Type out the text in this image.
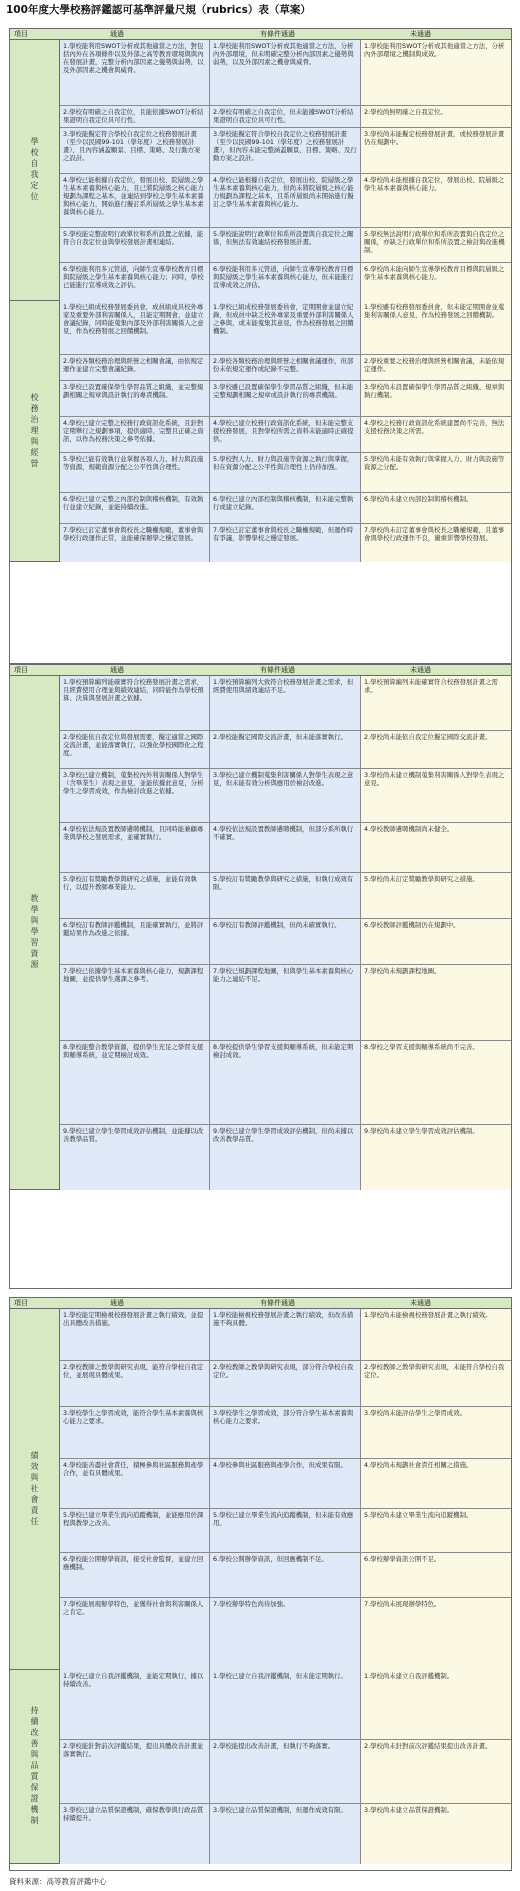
100年度大學校務評鑑認可基準評量尺規（rubrics）表（草案）
項目	通過	有條件通過	未通過
學校自我定位
1.學校能利用SWOT分析或其他適當之方法，對包括內外在各項條件以及外部之高等教育環境與與內在發展計畫，完整分析內部因素之優勢與弱勢，以及外部因素之機會與威脅。
1.學校能利用SWOT分析或其他適當之方法，分析內外部環境，但未明確完整分析內部因素之優勢與弱勢，以及外部因素之機會與威脅。
1.學校能利用SWOT分析或其他適當之方法，分析內外部環境之機制與成效。
2.學校有明確之自我定位，且能依據SWOT分析結果證明自我定位具可行性。
2.學校有明確之自我定位，但未能據SWOT分析結果證明自我定位具可行性。
2.學校尚無明確之自我定位。
3.學校能擬定符合學校自我定位之校務發展計畫（至少以民國99-101（學年度）之校務發展計畫），且內容涵蓋願景、目標、策略、及行動方案之設計。
3.學校能擬定符合學校自我定位之校務發展計畫（至少以民國99-101（學年度）之校務發展計畫），但內容未能完整涵蓋願景、目標、策略、及行動方案之設計。
3.學校尚未能擬定校務發展計畫，或校務發展計畫仍在規劃中。
4.學校已能根據自我定位，發展出校、院層級之學生基本素養與核心能力，且已將院層級之核心能力規劃為課程之基本，並連結到學校之學生基本素養與核心能力，開始進行擬訂系所層級之學生基本素養與核心能力。
4.學校已能根據自我定位，發展出校、院層級之學生基本素養與核心能力，但尚未將院層級之核心能力規劃為課程之基本，且系所層級尚未開始進行擬訂之學生基本素養與核心能力。
4.學校尚未能根據自我定位，發展出校、院層級之學生基本素養與核心能力。
5.學校能完整說明行政單位和系所設置之依據，能符合自我定位並與學校發展計畫相連結。
5.學校能說明行政單位和系所設置與自我定位之關係，但無法有效連結校務發展計畫。
5.學校無法說明行政單位和系所設置與自我定位之關係，亦缺乏行政單位和系所設置之檢討與改進機制。
6.學校能利用多元管道，向師生宣導學校教育目標與院層級之學生基本素養與核心能力；同時，學校已能進行宣導成效之評估。
6.學校能利用多元管道，向師生宣導學校教育目標與院層級之學生基本素養與核心能力，但未能進行宣導成效之評估。
6.學校尚未能向師生宣導學校教育目標與院層級之學生基本素養與核心能力。
校務治理與經營
1.學校已組成校務發展委員會，成員組成具校外專家及重要外部利害關係人，且能定期開會，並建立會議紀錄，同時能蒐集內部及外部利害關係人之意見，作為校務發展之回饋機制。
1.學校已組成校務發展委員會，定期開會並建立紀錄，但成員中缺乏校外專家及重要外部利害關係人之參與，或未能蒐集其意見，作為校務發展之回饋機制。
1.學校雖有校務發展委員會，但未能定期開會並蒐集利害關係人意見，作為校務發展之回饋機制。
2.學校各類校務治理與經營之相關會議，由依規定運作並建立完整會議紀錄。
2.學校各類校務治理與經營之相關會議運作，但部份未依規定運作或紀錄不完整。
2.學校重要之校務治理與經營相關會議，未能依規定運作。
3.學校已設置確保學生學習品質之組織，並完整規劃相關之規章與設計執行的專責機制。
3.學校雖已設置確保學生學習品質之組織，但未能完整規劃相關之規章或設計執行的專責機制。
3.學校尚未設置確保學生學習品質之組織、規章與執行機制。
4.學校已建立完整之校務行政資訊化系統，且針對定期舉行之規劃事項，提供適時、完整且正確之資訊，以作為校務決策之參考依據。
4.學校已建立校務行政資訊化系統，但未能完整支援校務發展，且對學校所需之資料未能適時正確提供。
4.學校之校務行政資訊化系統建置尚不完善，無法支援校務決策之所需。
5.學校已能有效執行並掌握各項人力、財力與設施等資源，規範資源分配之公平性與合理性。
5.學校對人力、財力與設施等資源之執行與掌握，但在資源分配之公平性與合理性上仍待加強。
5.學校尚未能有效執行與掌握人力、財力與設施等資源之分配。
6.學校已建立完整之內部控制與稽核機制，有效執行並建立紀錄，並能持續改進。
6.學校已建立內部控制與稽核機制，但未能完整執行或建立紀錄。
6.學校尚未建立內部控制與稽核機制。
7.學校已訂定董事會與校長之職權規範，董事會與學校行政運作正常，並能確保辦學之穩定發展。
7.學校已訂定董事會與校長之職權規範，但運作時有爭議，影響學校之穩定發展。
7.學校尚未訂定董事會與校長之職權規範，且董事會與學校行政運作不良，嚴重影響學校發展。
項目	通過	有條件通過	未通過
教學與學習資源
1.學校預算編列能確實符合校務發展計畫之需求，且經費使用合理並與績效連結，同時能作為學校預算、決算與發展計畫之依據。
1.學校預算編列大致符合校務發展計畫之需求，但經費使用與績效連結不足。
1.學校預算編列未能確實符合校務發展計畫之需求。
2.學校能依自我定位與發展需要，擬定適當之國際交流計畫，並能落實執行，以強化學校國際化之程度。
2.學校能擬定國際交流計畫，但未能落實執行。	2.學校尚未能依自我定位擬定國際交流計畫。
3.學校已建立機制，蒐集校內外利害關係人對學生（含畢業生）表現之意見，並能依據此意見，分析學生之學習成效，作為檢討改進之依據。
3.學校已建立機制蒐集利害關係人對學生表現之意見，但未能有效分析與應用於檢討改進。
3.學校尚未建立機制蒐集利害關係人對學生表現之意見。
4.學校依法規設置教師遴聘機制，且同時能兼顧專業與學校之發展需求，並確實執行。
4.學校依法規設置教師遴聘機制，但部分系所執行不確實。
4.學校教師遴聘機制尚未健全。
5.學校訂有獎勵教學與研究之措施，並能有效執行，以提升教師專業能力。
5.學校訂有獎勵教學與研究之措施，但執行成效有限。
5.學校尚未訂定獎勵教學與研究之措施。
6.學校訂有教師評鑑機制，且能確實執行，並將評鑑結果作為改進之依據。
6.學校訂有教師評鑑機制，但尚未確實執行。	6.學校教師評鑑機制仍在規劃中。
7.學校已依據學生基本素養與核心能力，規劃課程地圖，並提供學生選課之參考。
7.學校已規劃課程地圖，但與學生基本素養與核心能力之連結不足。
7.學校尚未規劃課程地圖。
8.學校能整合教學資源，提供學生充足之學習支援與輔導系統，並定期檢討成效。
8.學校提供學生學習支援與輔導系統，但未能定期檢討成效。
8.學校之學習支援與輔導系統尚不完善。
9.學校已建立學生學習成效評估機制，並能據以改善教學品質。
9.學校已建立學生學習成效評估機制，但尚未據以改善教學品質。
9.學校尚未建立學生學習成效評估機制。
項目	通過	有條件通過	未通過
績效與社會責任
1.學校能定期檢視校務發展計畫之執行績效，並提出具體改善措施。
1.學校能檢視校務發展計畫之執行績效，但改善措施不夠具體。
1.學校尚未能檢視校務發展計畫之執行績效。
2.學校教師之教學與研究表現，能符合學校自我定位，並展現具體成果。
2.學校教師之教學與研究表現，部分符合學校自我定位。
2.學校教師之教學與研究表現，未能符合學校自我定位。
3.學校學生之學習成效，能符合學生基本素養與核心能力之要求。
3.學校學生之學習成效，部分符合學生基本素養與核心能力之要求。
3.學校尚未能評估學生之學習成效。
4.學校能善盡社會責任，積極參與社區服務與產學合作，並有具體成果。
4.學校參與社區服務與產學合作，但成果有限。	4.學校尚未規劃社會責任相關之措施。
5.學校已建立畢業生流向追蹤機制，並能應用於課程與教學之改善。
5.學校已建立畢業生流向追蹤機制，但未能有效應用。
5.學校尚未建立畢業生流向追蹤機制。
6.學校能公開辦學資訊，接受社會監督，並建立回應機制。
6.學校公開辦學資訊，但回應機制不足。	6.學校辦學資訊公開不足。
7.學校能展現辦學特色，並獲得社會與利害關係人之肯定。
7.學校辦學特色尚待加強。	7.學校尚未展現辦學特色。
持續改善與品質保證機制
1.學校已建立自我評鑑機制，並能定期執行，據以持續改善。
1.學校已建立自我評鑑機制，但未能定期執行。	1.學校尚未建立自我評鑑機制。
2.學校能針對前次評鑑結果，提出具體改善計畫並落實執行。
2.學校能提出改善計畫，但執行不夠落實。	2.學校尚未針對前次評鑑結果提出改善計畫。
3.學校已建立品質保證機制，確保教學與行政品質持續提升。
3.學校已建立品質保證機制，但運作成效有限。	3.學校尚未建立品質保證機制。
資料來源：高等教育評鑑中心
